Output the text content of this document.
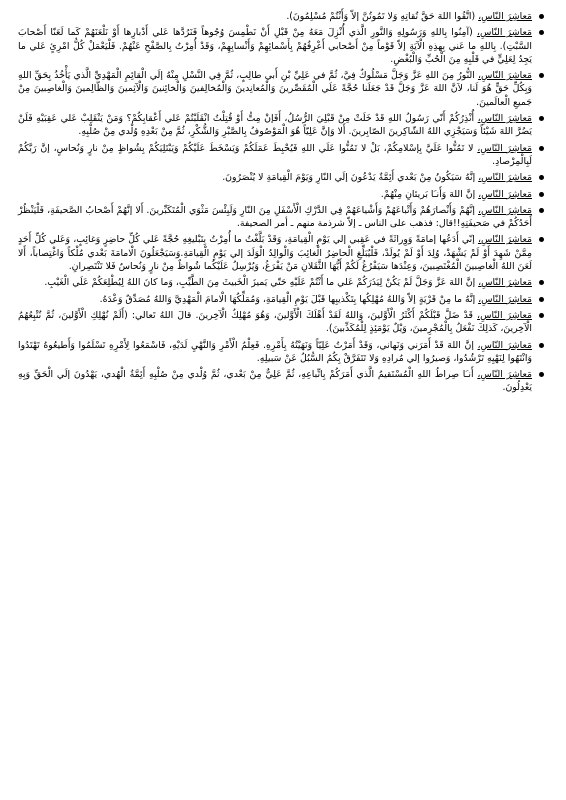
مَعاشِرَ النّاسِ، (اتَّقُوا اللهَ حَقَّ تُقاتِهِ وَلا تَمُوتُنَّ إلاّ وَأَنْتُمْ مُسْلِمُونَ).
مَعاشِرَ النّاسِ، (آمِنُوا بِاللهِ وَرَسُولِهِ وَالنَّورِ الَّذي أُنْزِلَ مَعَهُ مِنْ قَبْلِ أَنْ نَطْمِسَ وُجُوهاً فَنَرُدَّها عَلي أَدْبارِها أَوْ نَلْعَنَهُمْ كَما لَعَنّا أَصْحابَ السَّبْتِ). بِاللهِ ما عَني بِهذِهِ الْآيَةِ إلاّ قَوْماً مِنْ أَصْحابي أَعْرِفُهُمْ بِأَسْمائِهِمْ وَأَنْسابِهِمْ، وَقَدْ أُمِرْتُ بِالصَّفْحِ عَنْهُمْ. فَلْيَعْمَلْ كُلُّ امْرِئٍ عَلي ما يَجِدُ لِعَلِيٍّ في قَلْبِهِ مِنَ الْحُبِّ وَالْبُغْضِ.
مَعاشِرَ النّاسِ، النُّورُ مِنَ اللهِ عَزَّ وَجَلَّ مَسْلُوكٌ فِيَّ، ثُمَّ في عَلِيِّ بْنِ أَبي طالِبٍ، ثُمَّ فِي النَّسْلِ مِنْهُ إلَي الْقائِمِ الْمَهْدِيِّ الَّذي يَأْخُذُ بِحَقِّ اللهِ وَبِكُلِّ حَقٍّ هُوَ لَنا، لاَنَّ اللهَ عَزَّ وَجَلَّ قَدْ جَعَلَنا حُجَّةً عَلَي الْمُقَصِّرينَ وَالْمُعانِدينَ وَالْمُخالِفينَ وَالْخائِنينَ وَالْآثِمينَ وَالظّالِمينَ وَالْغاصِبينَ مِنْ جَميعِ الْعالَمينَ.
مَعاشِرَ النّاسِ، أُنْذِرُكُمْ أَنّي رَسُولُ اللهِ قَدْ خَلَتْ مِنْ قَبْلِيَ الرُّسُلُ، أَفَإنْ مِتُّ أَوْ قُتِلْتُ انْقَلَبْتُمْ عَلي أَعْقابِكُمْ؟ وَمَنْ يَنْقَلِبْ عَلي عَقِبَيْهِ فَلَنْ يَضُرَّ اللهَ شَيْئاً وَسَيَجْزِي اللهُ الشّاكِرينَ الصّابِرينَ. أَلا وَإنَّ عَلِيّاً هُوَ الْمَوْصُوفُ بِالصَّبْرِ وَالشُّكْرِ، ثُمَّ مِنْ بَعْدِهِ وُلْدي مِنْ صُلْبِهِ.
مَعاشِرَ النّاسِ، لا تَمُنُّوا عَلَيَّ بِإسْلامِكُمْ، بَلْ لا تَمُنُّوا عَلَي اللهِ فَيُحْبِطَ عَمَلَكُمْ وَيَسْخَطَ عَلَيْكُمْ وَيَبْتَلِيَكُمْ بِشُواظٍ مِنْ نارٍ وَنُحاسٍ، إنَّ رَبَّكُمْ لَبِالْمِرْصادِ.
مَعاشِرَ النّاسِ، إنَّهُ سَيَكُونُ مِنْ بَعْدي أَئِمَّةٌ يَدْعُونَ إلَي النّارِ وَيَوْمَ الْقِيامَةِ لا يُنْصَرُونَ.
مَعاشِرَ النّاسِ، إنَّ اللهَ وَأَنـَا بَريئانِ مِنْهُمْ.
مَعاشِرَ النّاسِ، إنَّهُمْ وَأَنْصارَهُمْ وَأَتْباعَهُمْ وَأَشْياعَهُمْ فِي الدَّرْكِ الْأَسْفَلِ مِنَ النّارِ وَلَبِئْسَ مَثْوَي الْمُتَكَبِّرينَ. أَلا إنَّهُمْ أَصْحابُ الصَّحيفَةِ، فَلْيَنْظُرْ أَحَدُكُمْ في صَحيفَتِهِ!!قال: فذهب على الناس ـ إلاّ شرذمة منهم ـ أمر الصحيفة.
مَعاشِرَ النّاسِ، إنّي أَدَعُها إمامَةً وَوِراثَةً في عَقِبي إلي يَوْمِ الْقِيامَةِ، وَقَدْ بَلَّغْتُ ما أُمِرْتُ بِتَبْليغِهِ حُجَّةً عَلي كُلِّ حاضِرٍ وَغائِبٍ، وَعَلي كُلِّ أَحَدٍ مِمَّنْ شَهِدَ أَوْ لَمْ يَشْهَدْ، وُلِدَ أَوْ لَمْ يُولَدْ، فَلْيُبَلِّغِ الْحاضِرُ الْغائِبَ وَالْوالِدُ الْوَلَدَ إلي يَوْمِ الْقِيامَةِ.وَسَيَجْعَلُونَ الْامامَةَ بَعْدي مُلْكاً وَاغْتِصاباً، أَلا لَعَنَ اللهُ الْغاصِبينَ الْمُغْتَصِبينَ، وَعِنْدَها سَيَفْرُغُ لَكُمْ أَيُّهَا الثَّقَلانِ مَنْ يَفْرَغُ، وَيُرْسِلُ عَلَيْكُما شُواظٌ مِنْ نارٍ وَنُحاسٌ فَلا تَنْتَصِرانِ.
مَعاشِرَ النّاسِ، إنَّ اللهَ عَزَّ وَجَلَّ لَمْ يَكُنْ لِيَذَرَكُمْ عَلي ما أَنْتُمْ عَلَيْهِ حَتّي يَميزَ الْخَبيثَ مِنَ الطَّيِّبِ، وَما كانَ اللهُ لِيُطْلِعَكُمْ عَلَي الْغَيْبِ.
مَعاشِرَ النّاسِ، إنَّهُ ما مِنْ قَرْيَةٍ إلاّ وَاللهُ مُهْلِكُها بِتَكْذيبِها قَبْلَ يَوْمِ الْقِيامَةِ، وَمُمَلِّكُهَا الْامامَ الْمَهْدِيَّ وَاللهُ مُصَدِّقٌ وَعْدَهُ.
مَعاشِرَ النّاسِ، قَدْ ضَلَّ قَبْلَكُمْ أَكْثَرُ الْأَوَّلينَ، وَاللهُ لَقَدْ أَهْلَكَ الْأَوَّلينَ، وَهُوَ مُهْلِكُ الْآخِرينَ. قالَ اللهُ تَعالي: (أَلَمْ نُهْلِكِ الْأَوَّلينَ، ثُمَّ نُتْبِعُهُمُ الْآخِرينَ، كَذلِكَ نَفْعَلُ بِالْمُجْرِمينَ، وَيْلٌ يَوْمَئِذٍ لِلْمُكَذِّبينَ).
مَعاشِرَ النّاسِ، إنَّ اللهَ قَدْ أَمَرَني وَنَهاني، وَقَدْ أَمَرْتُ عَلِيّاً وَنَهَيْتُهُ بِأَمْرِهِ. فَعِلْمُ الْأَمْرِ وَالنَّهْيِ لَدَيْهِ، فَاسْمَعُوا لِأَمْرِهِ تَسْلَمُوا وَأَطيعُوهُ تَهْتَدُوا وَانْتَهُوا لِنَهْيِهِ تَرْشُدُوا، وَصيرُوا إلي مُرادِهِ وَلا تَتَفَرَّقْ بِكُمُ السُّبُلُ عَنْ سَبيلِهِ.
مَعاشِرَ النّاسِ، أَنـَا صِراطُ اللهِ الْمُسْتَقيمُ الَّذي أَمَرَكُمْ بِاتِّباعِهِ، ثُمَّ عَلِيٌّ مِنْ بَعْدي، ثُمَّ وُلْدي مِنْ صُلْبِهِ أَئِمَّةُ الْهُدي، يَهْدُونَ إلَي الْحَقِّ وَبِهِ يَعْدِلُونَ.
